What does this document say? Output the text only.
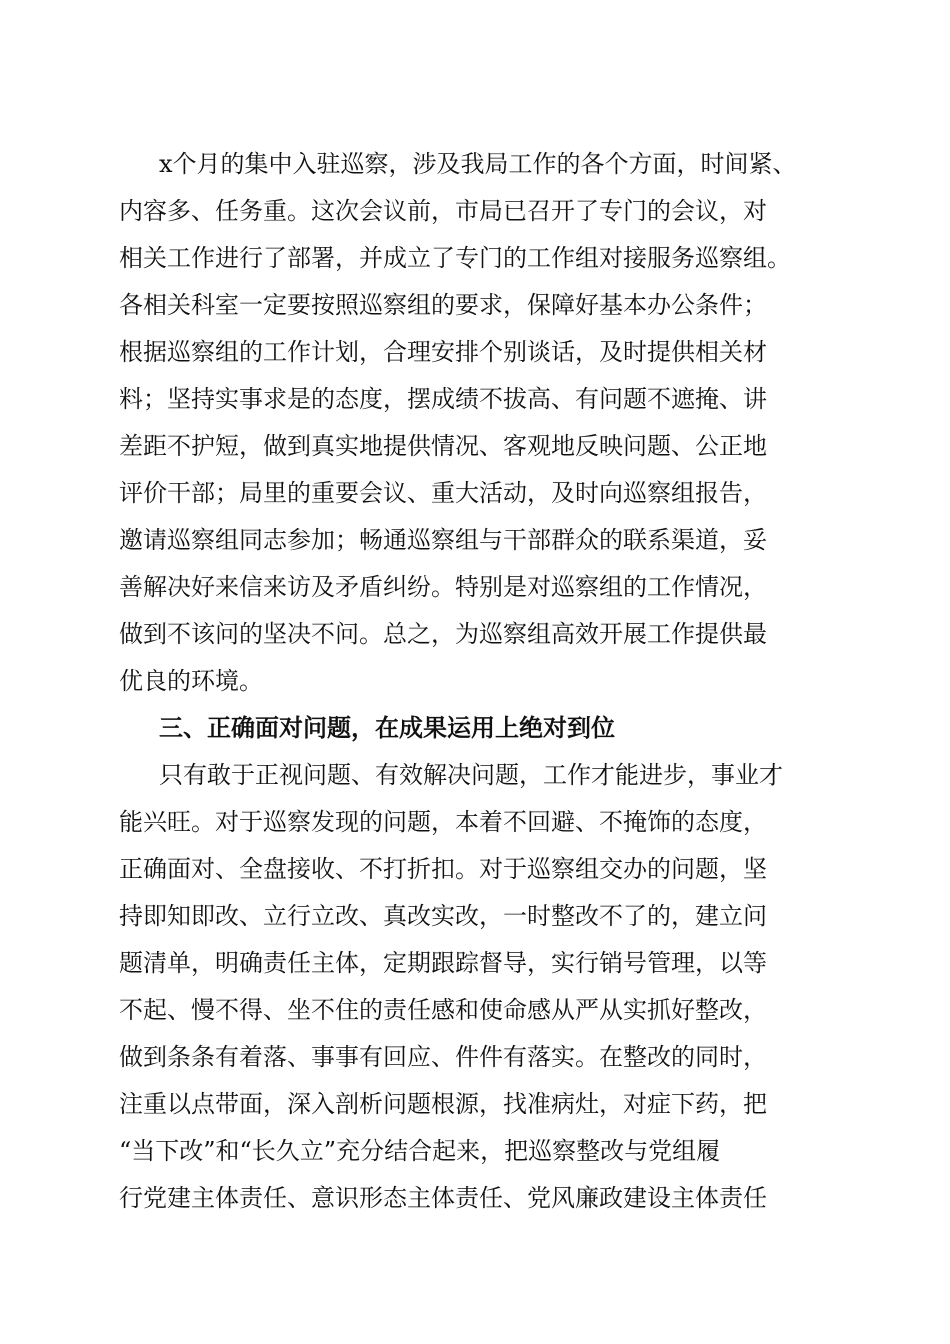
x个月的集中入驻巡察，涉及我局工作的各个方面，时间紧、
内容多、任务重。这次会议前，市局已召开了专门的会议，对
相关工作进行了部署，并成立了专门的工作组对接服务巡察组。
各相关科室一定要按照巡察组的要求，保障好基本办公条件；
根据巡察组的工作计划，合理安排个别谈话，及时提供相关材
料；坚持实事求是的态度，摆成绩不拔高、有问题不遮掩、讲
差距不护短，做到真实地提供情况、客观地反映问题、公正地
评价干部；局里的重要会议、重大活动，及时向巡察组报告，
邀请巡察组同志参加；畅通巡察组与干部群众的联系渠道，妥
善解决好来信来访及矛盾纠纷。特别是对巡察组的工作情况，
做到不该问的坚决不问。总之，为巡察组高效开展工作提供最
优良的环境。
三、正确面对问题，在成果运用上绝对到位
只有敢于正视问题、有效解决问题，工作才能进步，事业才
能兴旺。对于巡察发现的问题，本着不回避、不掩饰的态度，
正确面对、全盘接收、不打折扣。对于巡察组交办的问题，坚
持即知即改、立行立改、真改实改，一时整改不了的，建立问
题清单，明确责任主体，定期跟踪督导，实行销号管理，以等
不起、慢不得、坐不住的责任感和使命感从严从实抓好整改，
做到条条有着落、事事有回应、件件有落实。在整改的同时，
注重以点带面，深入剖析问题根源，找准病灶，对症下药，把
“当下改”和“长久立”充分结合起来，把巡察整改与党组履
行党建主体责任、意识形态主体责任、党风廉政建设主体责任
